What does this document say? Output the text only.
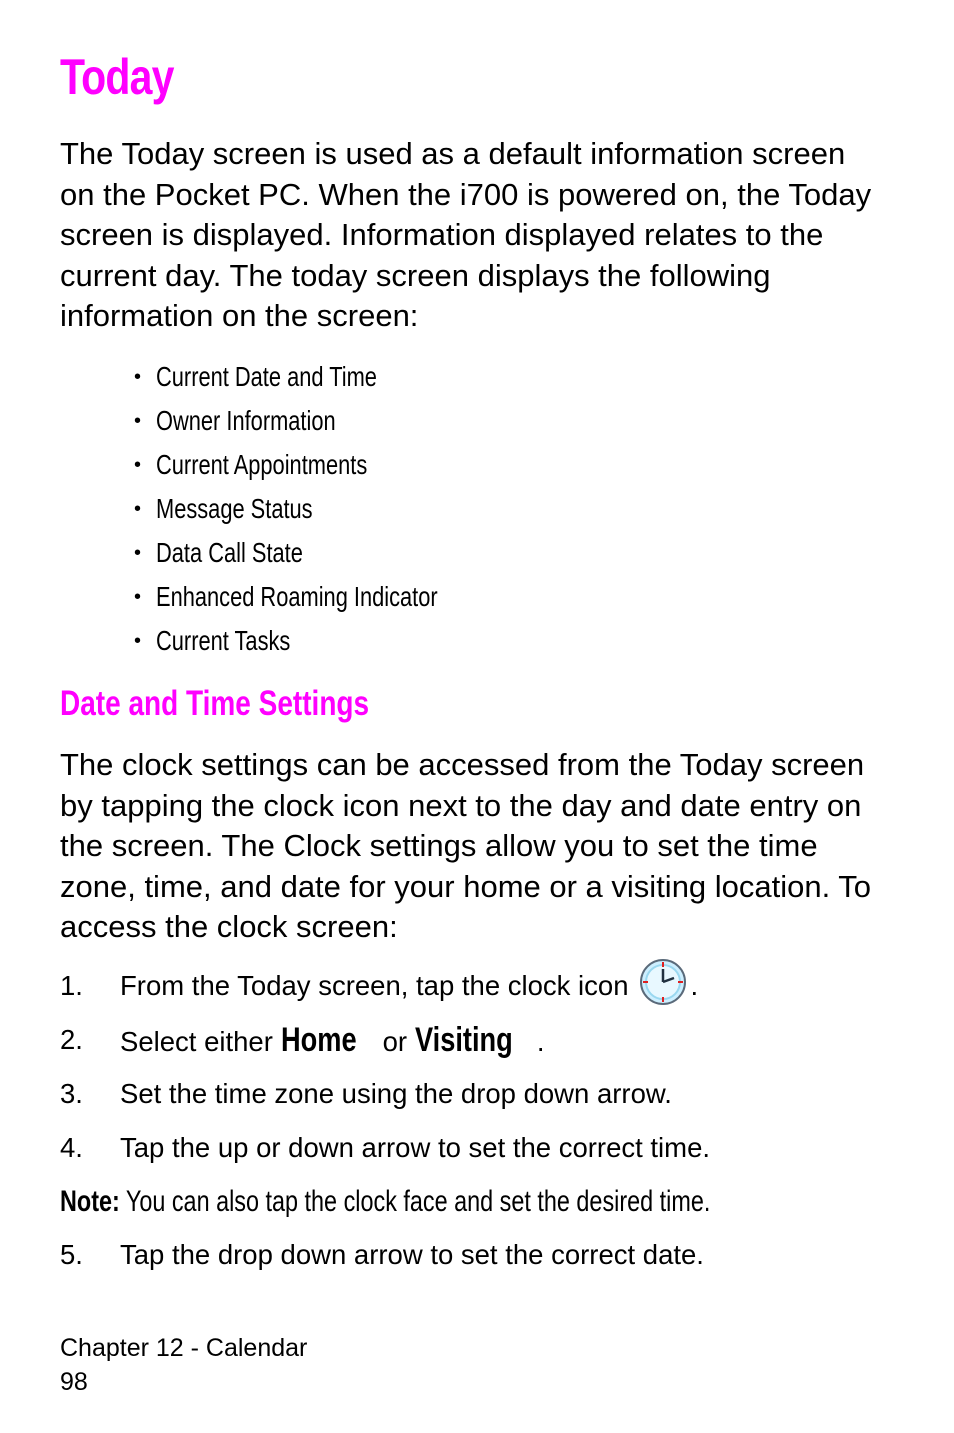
Today

The Today screen is used as a default information screen on the Pocket PC. When the i700 is powered on, the Today screen is displayed. Information displayed relates to the current day. The today screen displays the following information on the screen:

• Current Date and Time
• Owner Information
• Current Appointments
• Message Status
• Data Call State
• Enhanced Roaming Indicator
• Current Tasks
Date and Time Settings

The clock settings can be accessed from the Today screen by tapping the clock icon next to the day and date entry on the screen. The Clock settings allow you to set the time zone, time, and date for your home or a visiting location. To access the clock screen:

1. From the Today screen, tap the clock icon .
2. Select either Home or Visiting .
3. Set the time zone using the drop down arrow.
4. Tap the up or down arrow to set the correct time.
Note: You can also tap the clock face and set the desired time.
5. Tap the drop down arrow to set the correct date.
Chapter 12 - Calendar
98
